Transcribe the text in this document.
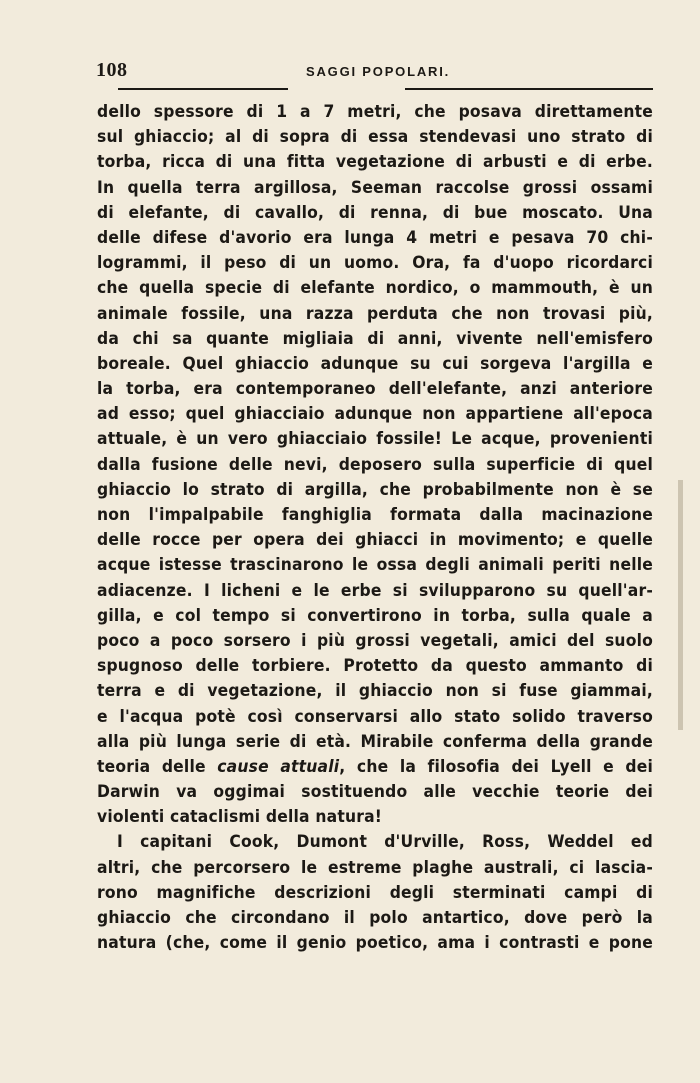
108	SAGGI POPOLARI.
dello spessore di 1 a 7 metri, che posava direttamente
sul ghiaccio; al di sopra di essa stendevasi uno strato di
torba, ricca di una fitta vegetazione di arbusti e di erbe.
In quella terra argillosa, Seeman raccolse grossi ossami
di elefante, di cavallo, di renna, di bue moscato. Una
delle difese d'avorio era lunga 4 metri e pesava 70 chi-
logrammi, il peso di un uomo. Ora, fa d'uopo ricordarci
che quella specie di elefante nordico, o mammouth, è un
animale fossile, una razza perduta che non trovasi più,
da chi sa quante migliaia di anni, vivente nell'emisfero
boreale. Quel ghiaccio adunque su cui sorgeva l'argilla e
la torba, era contemporaneo dell'elefante, anzi anteriore
ad esso; quel ghiacciaio adunque non appartiene all'epoca
attuale, è un vero ghiacciaio fossile! Le acque, provenienti
dalla fusione delle nevi, deposero sulla superficie di quel
ghiaccio lo strato di argilla, che probabilmente non è se
non l'impalpabile fanghiglia formata dalla macinazione
delle rocce per opera dei ghiacci in movimento; e quelle
acque istesse trascinarono le ossa degli animali periti nelle
adiacenze. I licheni e le erbe si svilupparono su quell'ar-
gilla, e col tempo si convertirono in torba, sulla quale a
poco a poco sorsero i più grossi vegetali, amici del suolo
spugnoso delle torbiere. Protetto da questo ammanto di
terra e di vegetazione, il ghiaccio non si fuse giammai,
e l'acqua potè così conservarsi allo stato solido traverso
alla più lunga serie di età. Mirabile conferma della grande
teoria delle cause attuali, che la filosofia dei Lyell e dei
Darwin va oggimai sostituendo alle vecchie teorie dei
violenti cataclismi della natura!
I capitani Cook, Dumont d'Urville, Ross, Weddel ed
altri, che percorsero le estreme plaghe australi, ci lascia-
rono magnifiche descrizioni degli sterminati campi di
ghiaccio che circondano il polo antartico, dove però la
natura (che, come il genio poetico, ama i contrasti e pone
